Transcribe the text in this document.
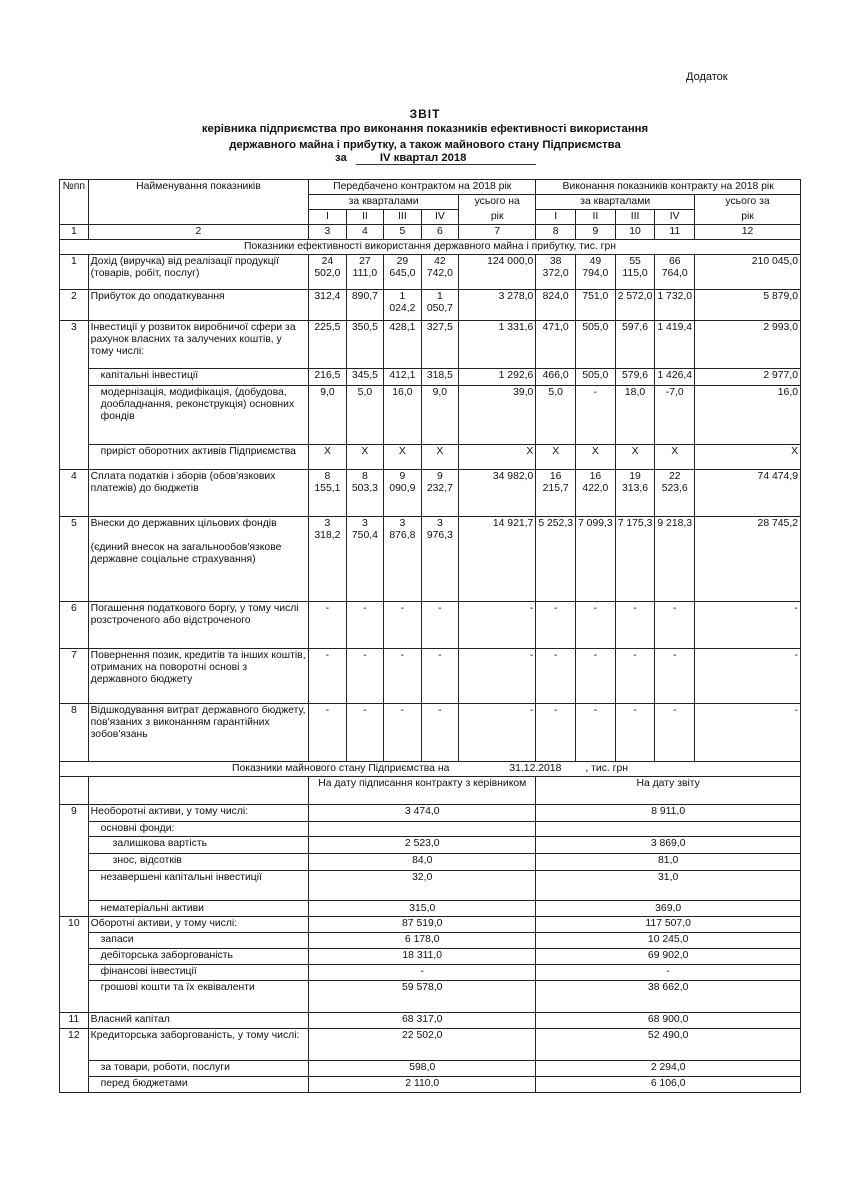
Додаток
ЗВІТ
керівника підприємства про виконання показників ефективності використання
державного майна і прибутку, а також майнового стану Підприємства
за	IV квартал 2018
№пп	Найменування показників	Передбачено контрактом на 2018 рік					Виконання показників контракту на 2018 рік				
		за кварталами				усього на	за кварталами				усього за
		I	II	III	IV	рік	I	II	III	IV	рік
1	2	3	4	5	6	7	8	9	10	11	12
Показники ефективності використання державного майна і прибутку, тис. грн											
1	Дохід (виручка) від реалізації продукції (товарів, робіт, послуг)	24 502,0	27 111,0	29 645,0	42 742,0	124 000,0	38 372,0	49 794,0	55 115,0	66 764,0	210 045,0
2	Прибуток до оподаткування	312,4	890,7	1 024,2	1 050,7	3 278,0	824,0	751,0	2 572,0	1 732,0	5 879,0
3	Інвестиції у розвиток виробничої сфери за рахунок власних та залучених коштів, у тому числі:	225,5	350,5	428,1	327,5	1 331,6	471,0	505,0	597,6	1 419,4	2 993,0
	капітальні інвестиції	216,5	345,5	412,1	318,5	1 292,6	466,0	505,0	579,6	1 426,4	2 977,0
	модернізація, модифікація, (добудова, дообладнання, реконструкція) основних фондів	9,0	5,0	16,0	9,0	39,0	5,0	-	18,0	-7,0	16,0
	приріст оборотних активів Підприємства	X	X	X	X	X	X	X	X	X	X
4	Сплата податків і зборів (обов'язкових платежів) до бюджетів	8 155,1	8 503,3	9 090,9	9 232,7	34 982,0	16 215,7	16 422,0	19 313,6	22 523,6	74 474,9
5	Внески до державних цільових фондів
(єдиний внесок на загальнообов'язкове державне соціальне страхування)	3 318,2	3 750,4	3 876,8	3 976,3	14 921,7	5 252,3	7 099,3	7 175,3	9 218,3	28 745,2
6	Погашення податкового боргу, у тому числі розстроченого або відстроченого	-	-	-	-	-	-	-	-	-	-
7	Повернення позик, кредитів та інших коштів, отриманих на поворотні основі з державного бюджету	-	-	-	-	-	-	-	-	-	-
8	Відшкодування витрат державного бюджету, пов'язаних з виконанням гарантійних зобов'язань	-	-	-	-	-	-	-	-	-	-
Показники майнового стану Підприємства на 31.12.2018 , тис. грн											
		На дату підписання контракту з керівником					На дату звіту				
9	Необоротні активи, у тому числі:	3 474,0					8 911,0				
	основні фонди:										
	залишкова вартість	2 523,0					3 869,0				
	знос, відсотків	84,0					81,0				
	незавершені капітальні інвестиції	32,0					31,0				
	нематеріальні активи	315,0					369,0				
10	Оборотні активи, у тому числі:	87 519,0					117 507,0				
	запаси	6 178,0					10 245,0				
	дебіторська заборгованість	18 311,0					69 902,0				
	фінансові інвестиції	-					-				
	грошові кошти та їх еквіваленти	59 578,0					38 662,0				
11	Власний капітал	68 317,0					68 900,0				
12	Кредиторська заборгованість, у тому числі:	22 502,0					52 490,0				
	за товари, роботи, послуги	598,0					2 294,0				
	перед бюджетами	2 110,0					6 106,0				
